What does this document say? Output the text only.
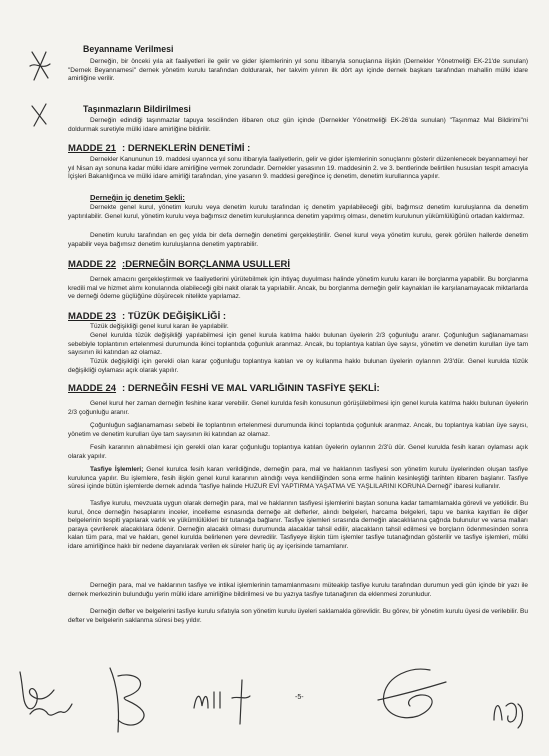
Beyanname Verilmesi
Derneğin, bir önceki yıla ait faaliyetleri ile gelir ve gider işlemlerinin yıl sonu itibarıyla sonuçlarına ilişkin (Dernekler Yönetmeliği EK-21'de sunulan) "Dernek Beyannamesi" dernek yönetim kurulu tarafından doldurarak, her takvim yılının ilk dört ayı içinde dernek başkanı tarafından mahallin mülki idare amirliğine verilir.
Taşınmazların Bildirilmesi
Derneğin edindiği taşınmazlar tapuya tescilinden itibaren otuz gün içinde (Dernekler Yönetmeliği EK-26'da sunulan) "Taşınmaz Mal Bildirimi"ni doldurmak suretiyle mülki idare amirliğine bildirilir.
MADDE 21 : DERNEKLERİN DENETİMİ :
Dernekler Kanununun 19. maddesi uyarınca yıl sonu itibarıyla faaliyetlerin, gelir ve gider işlemlerinin sonuçlarını gösterir düzenlenecek beyannameyi her yıl Nisan ayı sonuna kadar mülki idare amirliğine vermek zorundadır. Dernekler yasasının 19. maddesinin 2. ve 3. bentlerinde belirtilen hususları tespit amacıyla İçişleri Bakanlığınca ve mülki idare amirliği tarafından, yine yasanın 9. maddesi gereğince iç denetim, denetim kurullarınca yapılır.
Derneğin iç denetim Şekli:
Dernekte genel kurul, yönetim kurulu veya denetim kurulu tarafından iç denetim yapılabileceği gibi, bağımsız denetim kuruluşlarına da denetim yaptırılabilir. Genel kurul, yönetim kurulu veya bağımsız denetim kuruluşlarınca denetim yapılmış olması, denetim kurulunun yükümlülüğünü ortadan kaldırmaz.
Denetim kurulu tarafından en geç yılda bir defa derneğin denetimi gerçekleştirilir. Genel kurul veya yönetim kurulu, gerek görülen hallerde denetim yapabilir veya bağımsız denetim kuruluşlarına denetim yaptırabilir.
MADDE 22 :DERNEĞİN BORÇLANMA USULLERİ
Dernek amacını gerçekleştirmek ve faaliyetlerini yürütebilmek için ihtiyaç duyulması halinde yönetim kurulu kararı ile borçlanma yapabilir. Bu borçlanma kredili mal ve hizmet alımı konularında olabileceği gibi nakit olarak ta yapılabilir. Ancak, bu borçlanma derneğin gelir kaynakları ile karşılanamayacak miktarlarda ve derneği ödeme güçlüğüne düşürecek nitelikte yapılamaz.
MADDE 23 : TÜZÜK DEĞİŞİKLİĞİ :
Tüzük değişikliği genel kurul kararı ile yapılabilir.
Genel kurulda tüzük değişikliği yapılabilmesi için genel kurula katılma hakkı bulunan üyelerin 2/3 çoğunluğu aranır. Çoğunluğun sağlanamaması sebebiyle toplantının ertelenmesi durumunda ikinci toplantıda çoğunluk aranmaz. Ancak, bu toplantıya katılan üye sayısı, yönetim ve denetim kurulları üye tam sayısının iki katından az olamaz.
Tüzük değişikliği için gerekli olan karar çoğunluğu toplantıya katılan ve oy kullanma hakkı bulunan üyelerin oylarının 2/3'dür. Genel kurulda tüzük değişikliği oylaması açık olarak yapılır.
MADDE 24 : DERNEĞİN FESHİ VE MAL VARLIĞININ TASFİYE ŞEKLİ:
Genel kurul her zaman derneğin feshine karar verebilir. Genel kurulda fesih konusunun görüşülebilmesi için genel kurula katılma hakkı bulunan üyelerin 2/3 çoğunluğu aranır.
Çoğunluğun sağlanamaması sebebi ile toplantının ertelenmesi durumunda ikinci toplantıda çoğunluk aranmaz. Ancak, bu toplantıya katılan üye sayısı, yönetim ve denetim kurulları üye tam sayısının iki katından az olamaz.
Fesih kararının alınabilmesi için gerekli olan karar çoğunluğu toplantıya katılan üyelerin oylarının 2/3'ü dür. Genel kurulda fesih kararı oylaması açık olarak yapılır.
Tasfiye İşlemleri; Genel kurulca fesih kararı verildiğinde, derneğin para, mal ve haklarının tasfiyesi son yönetim kurulu üyelerinden oluşan tasfiye kurulunca yapılır. Bu işlemlere, fesih ilişkin genel kurul kararının alındığı veya kendiliğinden sona erme halinin kesinleştiği tarihten itibaren başlanır. Tasfiye süresi içinde bütün işlemlerde dernek adında "tasfiye halinde HUZUR EVİ YAPTIRMA YAŞATMA VE YAŞLILARINI KORUNA Derneği" ibaresi kullanılır.
Tasfiye kurulu, mevzuata uygun olarak derneğin para, mal ve haklarının tasfiyesi işlemlerini baştan sonuna kadar tamamlamakla görevli ve yetkilidir. Bu kurul, önce derneğin hesaplarını inceler, incelleme esnasında derneğe ait defterler, alındı belgeleri, harcama belgeleri, tapu ve banka kayıtları ile diğer belgelerinin tespiti yapılarak varlık ve yükümlülükleri bir tutanağa bağlanır. Tasfiye işlemleri sırasında derneğin alacaklılarına çağrıda bulunulur ve varsa malları paraya çevrilerek alacaklılara ödenir. Derneğin alacaklı olması durumunda alacaklar tahsil edilir, alacakların tahsil edilmesi ve borçların ödenmesinden sonra kalan tüm para, mal ve hakları, genel kurulda belirlenen yere devredilir. Tasfiyeye ilişkin tüm işlemler tasfiye tutanağından gösterilir ve tasfiye işlemleri, mülki idare amirliğince haklı bir nedene dayanılarak verilen ek süreler hariç üç ay içerisinde tamamlanır.
Derneğin para, mal ve haklarının tasfiye ve intikal işlemlerinin tamamlanmasını müteakip tasfiye kurulu tarafından durumun yedi gün içinde bir yazı ile dernek merkezinin bulunduğu yerin mülki idare amirliğine bildirilmesi ve bu yazıya tasfiye tutanağının da eklenmesi zorunludur.
Derneğin defter ve belgelerini tasfiye kurulu sıfatıyla son yönetim kurulu üyeleri saklamakla görevlidir. Bu görev, bir yönetim kurulu üyesi de verilebilir. Bu defter ve belgelerin saklanma süresi beş yıldır.
-5-
